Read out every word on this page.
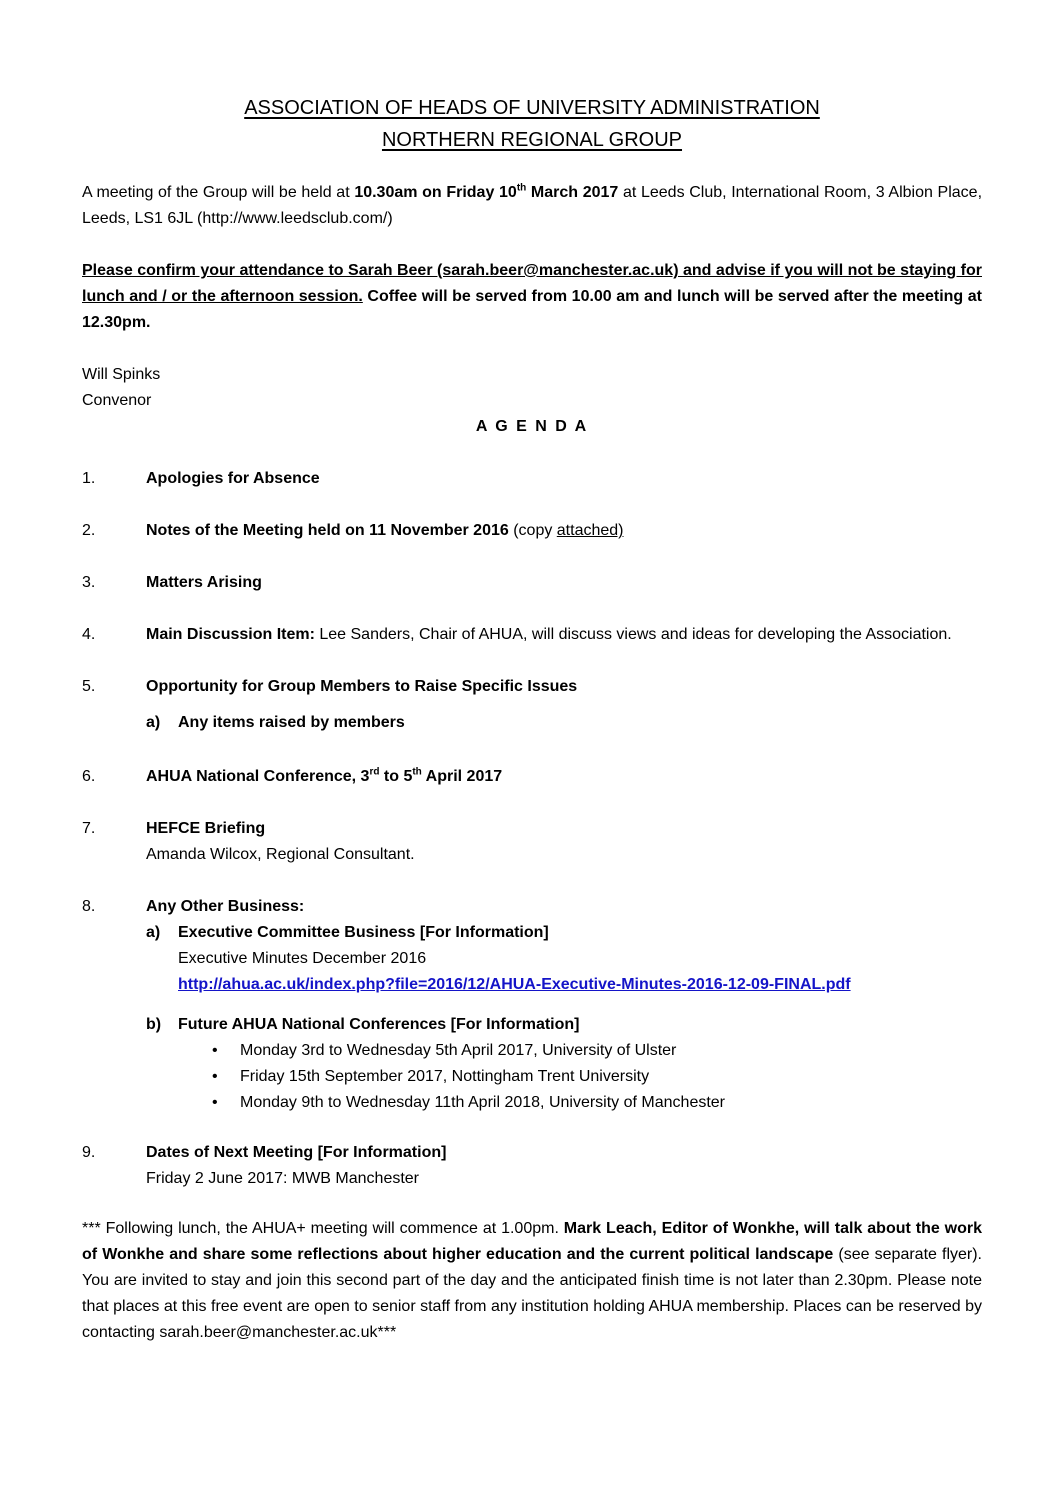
ASSOCIATION OF HEADS OF UNIVERSITY ADMINISTRATION
NORTHERN REGIONAL GROUP

A meeting of the Group will be held at 10.30am on Friday 10th March 2017 at Leeds Club, International Room, 3 Albion Place, Leeds, LS1 6JL (http://www.leedsclub.com/)

Please confirm your attendance to Sarah Beer (sarah.beer@manchester.ac.uk) and advise if you will not be staying for lunch and / or the afternoon session. Coffee will be served from 10.00 am and lunch will be served after the meeting at 12.30pm.

Will Spinks
Convenor
A G E N D A
1.	Apologies for Absence
2.	Notes of the Meeting held on 11 November 2016 (copy attached)
3.	Matters Arising
4.	Main Discussion Item: Lee Sanders, Chair of AHUA, will discuss views and ideas for developing the Association.
5.	Opportunity for Group Members to Raise Specific Issues
a)	Any items raised by members
6.	AHUA National Conference, 3rd to 5th April 2017
7.	HEFCE Briefing
Amanda Wilcox, Regional Consultant.
8.	Any Other Business:
a)	Executive Committee Business [For Information]
Executive Minutes December 2016
http://ahua.ac.uk/index.php?file=2016/12/AHUA-Executive-Minutes-2016-12-09-FINAL.pdf
b)	Future AHUA National Conferences [For Information]
•	Monday 3rd to Wednesday 5th April 2017, University of Ulster
•	Friday 15th September 2017, Nottingham Trent University
•	Monday 9th to Wednesday 11th April 2018, University of Manchester
9.	Dates of Next Meeting [For Information]
Friday 2 June 2017: MWB Manchester

*** Following lunch, the AHUA+ meeting will commence at 1.00pm. Mark Leach, Editor of Wonkhe, will talk about the work of Wonkhe and share some reflections about higher education and the current political landscape (see separate flyer). You are invited to stay and join this second part of the day and the anticipated finish time is not later than 2.30pm. Please note that places at this free event are open to senior staff from any institution holding AHUA membership. Places can be reserved by contacting sarah.beer@manchester.ac.uk***
